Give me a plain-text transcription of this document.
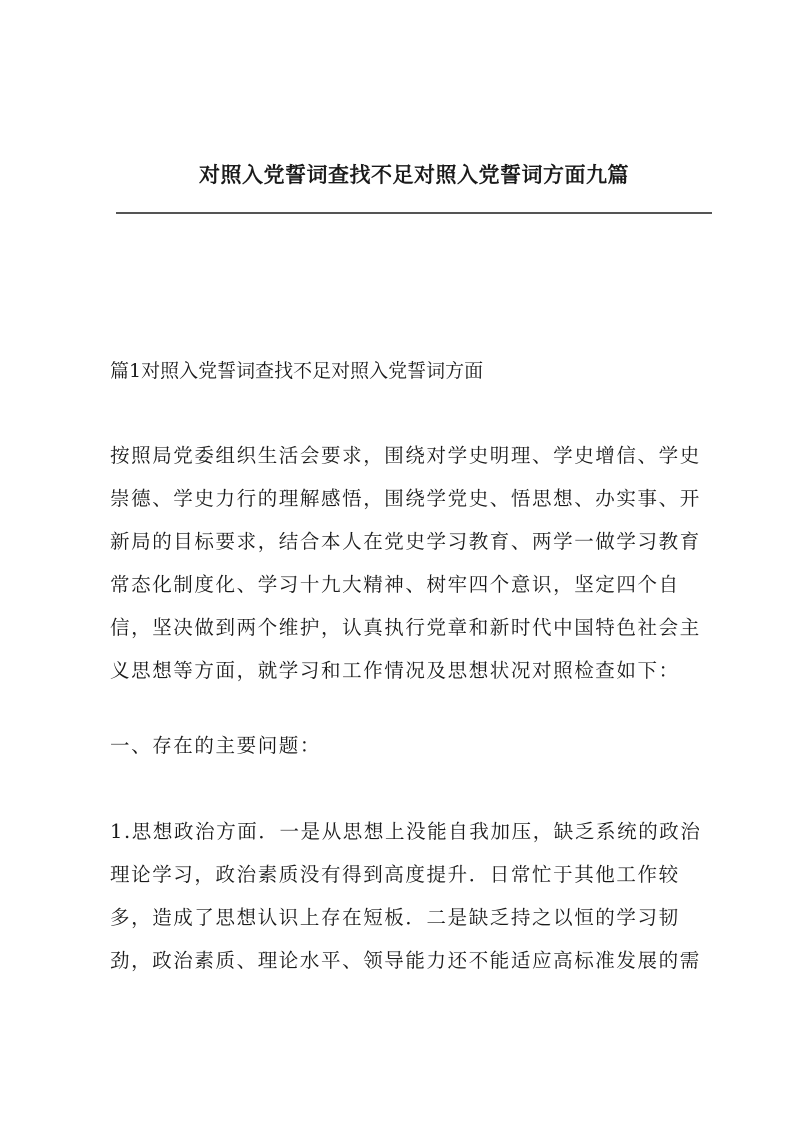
对照入党誓词查找不足对照入党誓词方面九篇
篇1对照入党誓词查找不足对照入党誓词方面
按照局党委组织生活会要求，围绕对学史明理、学史增信、学史
崇德、学史力行的理解感悟，围绕学党史、悟思想、办实事、开
新局的目标要求，结合本人在党史学习教育、两学一做学习教育
常态化制度化、学习十九大精神、树牢四个意识，坚定四个自
信，坚决做到两个维护，认真执行党章和新时代中国特色社会主
义思想等方面，就学习和工作情况及思想状况对照检查如下：
一、存在的主要问题：
1.思想政治方面．一是从思想上没能自我加压，缺乏系统的政治
理论学习，政治素质没有得到高度提升．日常忙于其他工作较
多，造成了思想认识上存在短板．二是缺乏持之以恒的学习韧
劲，政治素质、理论水平、领导能力还不能适应高标准发展的需
